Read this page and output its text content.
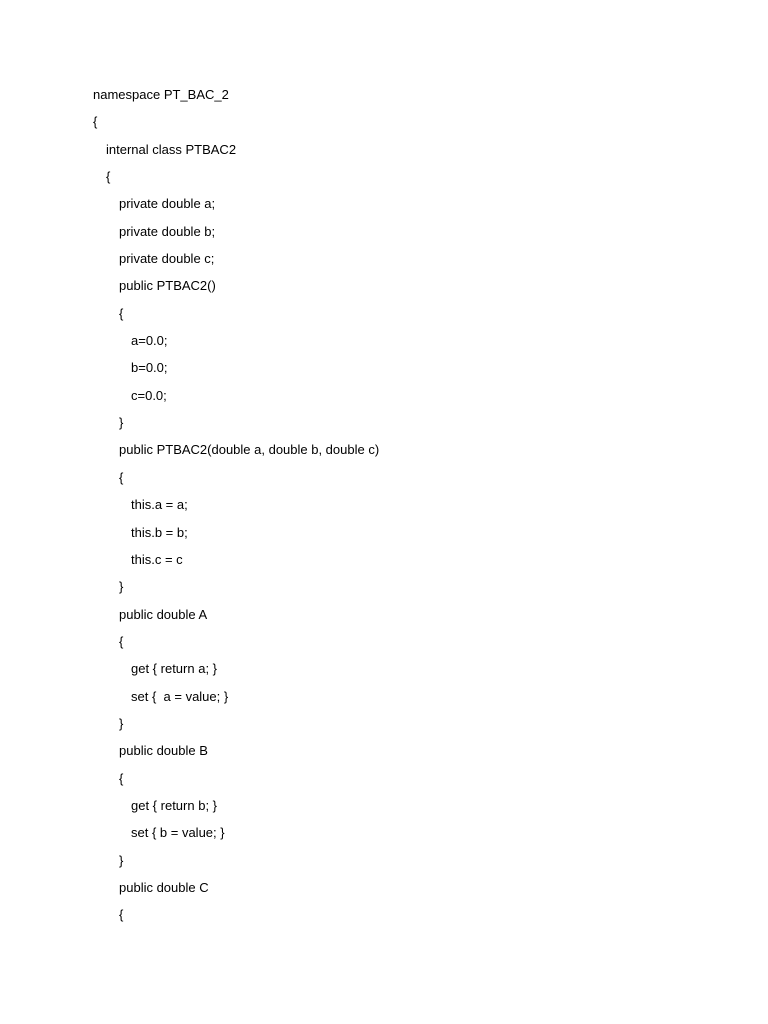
namespace PT_BAC_2
{
internal class PTBAC2
{
private double a;
private double b;
private double c;
public PTBAC2()
{
a=0.0;
b=0.0;
c=0.0;
}
public PTBAC2(double a, double b, double c)
{
this.a = a;
this.b = b;
this.c = c
}
public double A
{
get { return a; }
set {  a = value; }
}
public double B
{
get { return b; }
set { b = value; }
}
public double C
{
